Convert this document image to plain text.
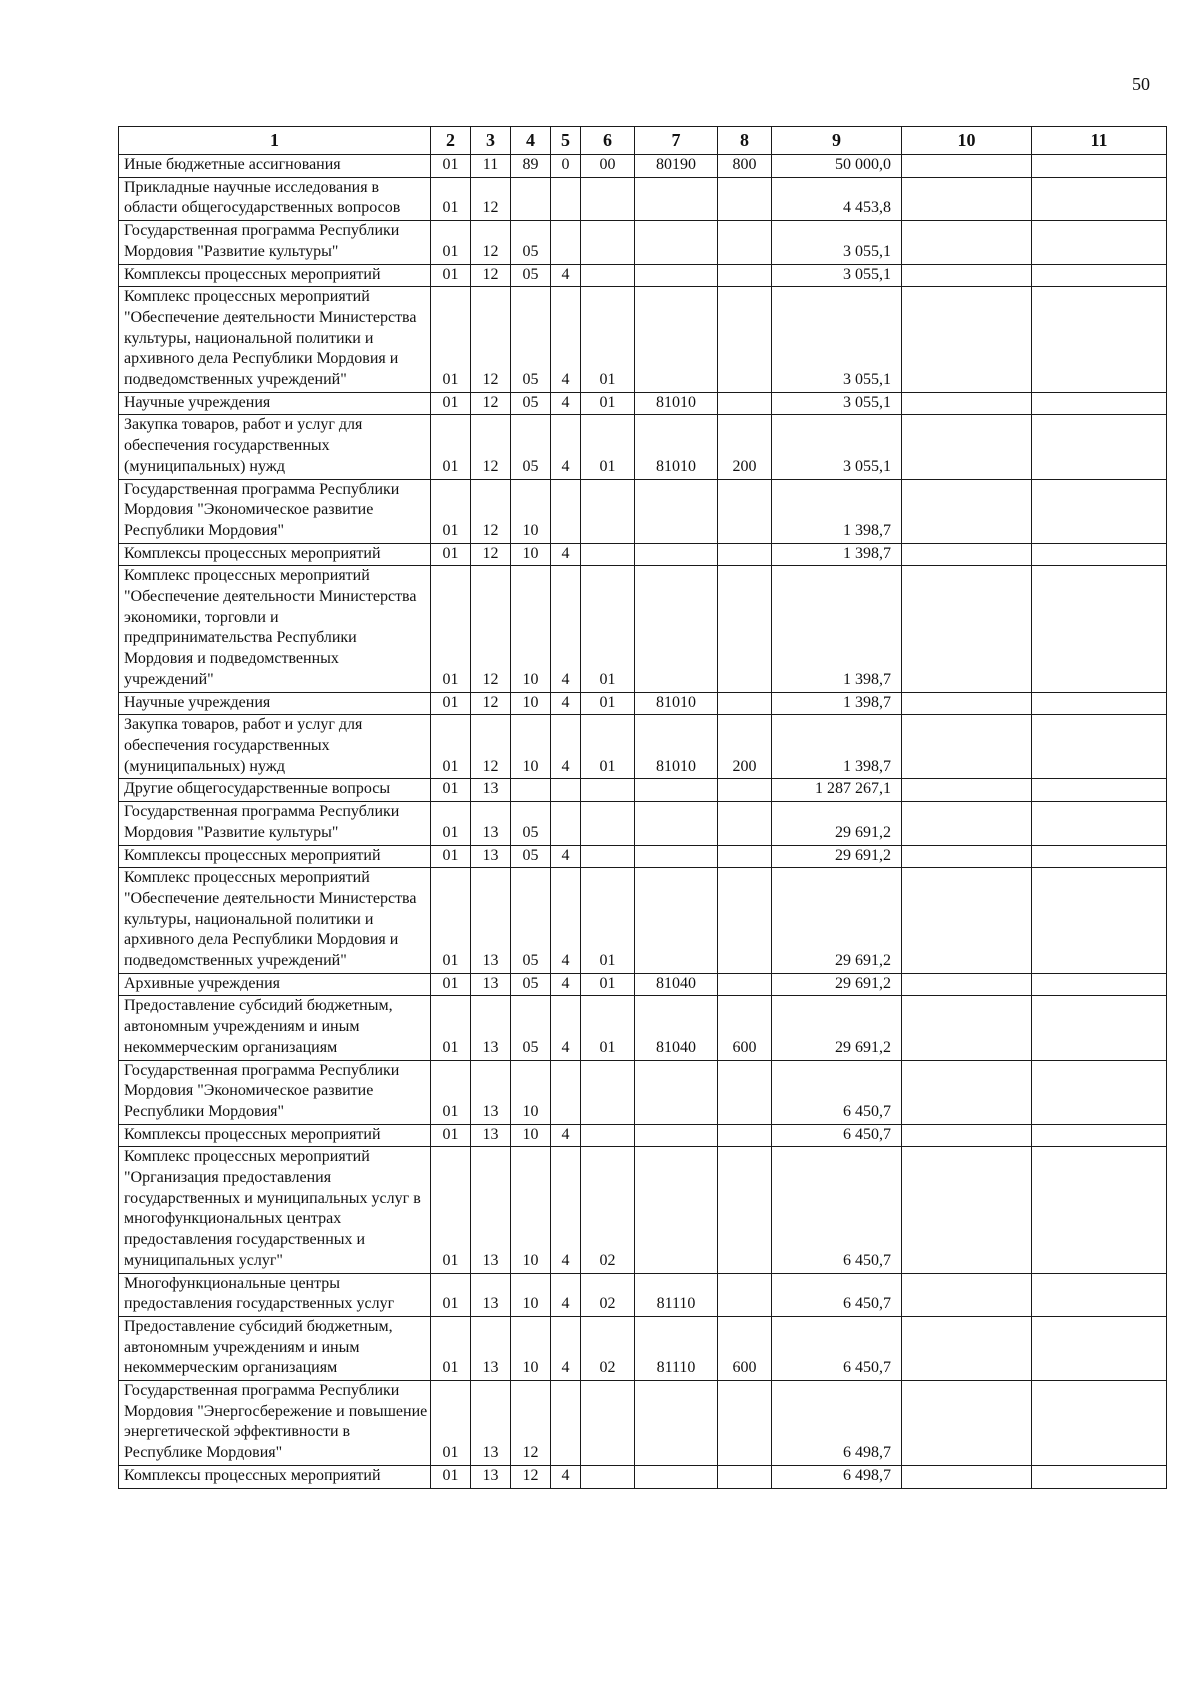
50
1	2	3	4	5	6	7	8	9	10	11
Иные бюджетные ассигнования	01	11	89	0	00	80190	800	50 000,0		
Прикладные научные исследования в области общегосударственных вопросов	01	12						4 453,8		
Государственная программа Республики Мордовия "Развитие культуры"	01	12	05					3 055,1		
Комплексы процессных мероприятий	01	12	05	4				3 055,1		
Комплекс процессных мероприятий "Обеспечение деятельности Министерства культуры, национальной политики и архивного дела Республики Мордовия и подведомственных учреждений"	01	12	05	4	01			3 055,1		
Научные учреждения	01	12	05	4	01	81010		3 055,1		
Закупка товаров, работ и услуг для обеспечения государственных (муниципальных) нужд	01	12	05	4	01	81010	200	3 055,1		
Государственная программа Республики Мордовия "Экономическое развитие Республики Мордовия"	01	12	10					1 398,7		
Комплексы процессных мероприятий	01	12	10	4				1 398,7		
Комплекс процессных мероприятий "Обеспечение деятельности Министерства экономики, торговли и предпринимательства Республики Мордовия и подведомственных учреждений"	01	12	10	4	01			1 398,7		
Научные учреждения	01	12	10	4	01	81010		1 398,7		
Закупка товаров, работ и услуг для обеспечения государственных (муниципальных) нужд	01	12	10	4	01	81010	200	1 398,7		
Другие общегосударственные вопросы	01	13						1 287 267,1		
Государственная программа Республики Мордовия "Развитие культуры"	01	13	05					29 691,2		
Комплексы процессных мероприятий	01	13	05	4				29 691,2		
Комплекс процессных мероприятий "Обеспечение деятельности Министерства культуры, национальной политики и архивного дела Республики Мордовия и подведомственных учреждений"	01	13	05	4	01			29 691,2		
Архивные учреждения	01	13	05	4	01	81040		29 691,2		
Предоставление субсидий бюджетным, автономным учреждениям и иным некоммерческим организациям	01	13	05	4	01	81040	600	29 691,2		
Государственная программа Республики Мордовия "Экономическое развитие Республики Мордовия"	01	13	10					6 450,7		
Комплексы процессных мероприятий	01	13	10	4				6 450,7		
Комплекс процессных мероприятий "Организация предоставления государственных и муниципальных услуг в многофункциональных центрах предоставления государственных и муниципальных услуг"	01	13	10	4	02			6 450,7		
Многофункциональные центры предоставления государственных услуг	01	13	10	4	02	81110		6 450,7		
Предоставление субсидий бюджетным, автономным учреждениям и иным некоммерческим организациям	01	13	10	4	02	81110	600	6 450,7		
Государственная программа Республики Мордовия "Энергосбережение и повышение энергетической эффективности в Республике Мордовия"	01	13	12					6 498,7		
Комплексы процессных мероприятий	01	13	12	4				6 498,7		
